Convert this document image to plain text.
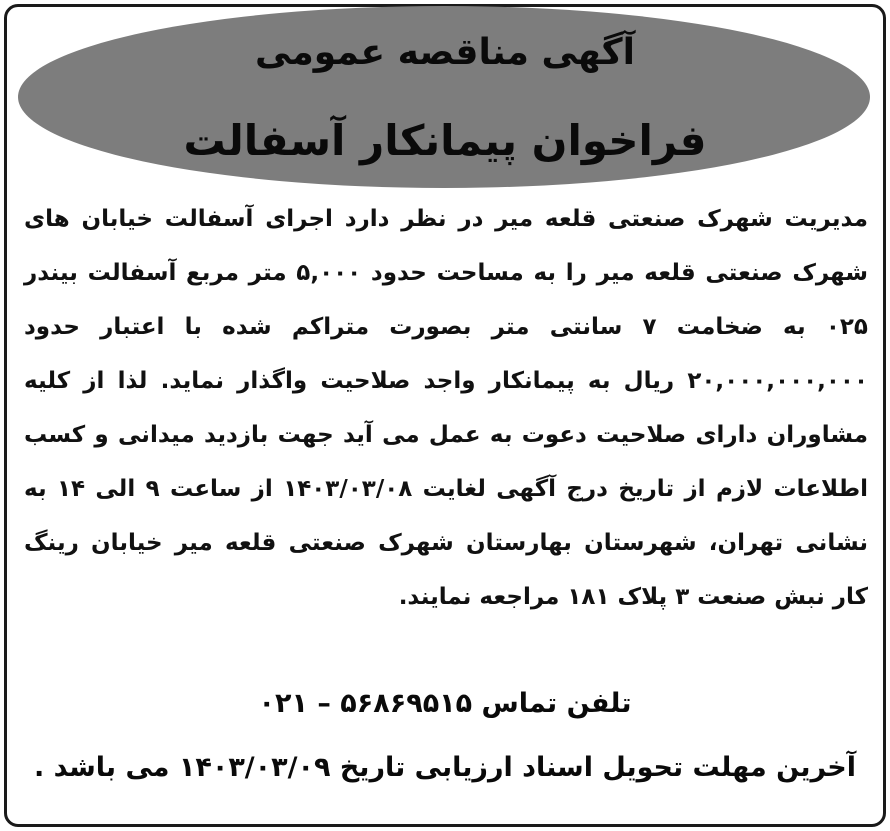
آگهی مناقصه عمومی
فراخوان پیمانکار آسفالت
مدیریت شهرک صنعتی قلعه میر در نظر دارد اجرای آسفالت خیابان های شهرک صنعتی قلعه میر را به مساحت حدود ۵,۰۰۰ متر مربع آسفالت بیندر ۰۲۵ به ضخامت ۷ سانتی متر بصورت متراکم شده با اعتبار حدود ۲۰,۰۰۰,۰۰۰,۰۰۰ ریال به پیمانکار واجد صلاحیت واگذار نماید. لذا از کلیه مشاوران دارای صلاحیت دعوت به عمل می آید جهت بازدید میدانی و کسب اطلاعات لازم از تاریخ درج آگهی لغایت ۱۴۰۳/۰۳/۰۸ از ساعت ۹ الی ۱۴ به نشانی تهران، شهرستان بهارستان شهرک صنعتی قلعه میر خیابان رینگ کار نبش صنعت ۳ پلاک ۱۸۱ مراجعه نمایند.
تلفن تماس ۵۶۸۶۹۵۱۵ – ۰۲۱
آخرین مهلت تحویل اسناد ارزیابی تاریخ ۱۴۰۳/۰۳/۰۹ می باشد .
